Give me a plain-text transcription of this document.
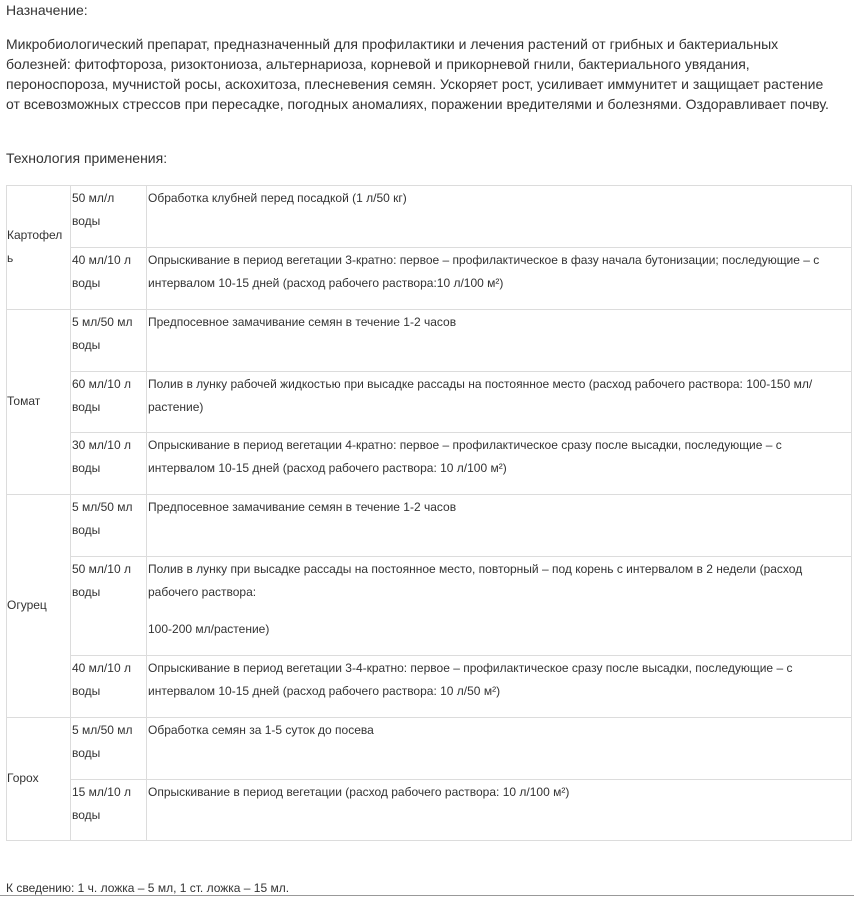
Назначение:

Микробиологический препарат, предназначенный для профилактики и лечения растений от грибных и бактериальных болезней: фитофтороза, ризоктониоза, альтернариоза, корневой и прикорневой гнили, бактериального увядания, пероноспороза, мучнистой росы, аскохитоза, плесневения семян. Ускоряет рост, усиливает иммунитет и защищает растение от всевозможных стрессов при пересадке, погодных аномалиях, поражении вредителями и болезнями. Оздоравливает почву.

Технология применения:

Картофель	50 мл/л воды	Обработка клубней перед посадкой (1 л/50 кг)
	40 мл/10 л воды	Опрыскивание в период вегетации 3-кратно: первое – профилактическое в фазу начала бутонизации; последующие – с интервалом 10-15 дней (расход рабочего раствора:10 л/100 м²)
Томат	5 мл/50 мл воды	Предпосевное замачивание семян в течение 1-2 часов
	60 мл/10 л воды	Полив в лунку рабочей жидкостью при высадке рассады на постоянное место (расход рабочего раствора: 100-150 мл/растение)
	30 мл/10 л воды	Опрыскивание в период вегетации 4-кратно: первое – профилактическое сразу после высадки, последующие – с интервалом 10-15 дней (расход рабочего раствора: 10 л/100 м²)
Огурец	5 мл/50 мл воды	Предпосевное замачивание семян в течение 1-2 часов
	50 мл/10 л воды	Полив в лунку при высадке рассады на постоянное место, повторный – под корень с интервалом в 2 недели (расход рабочего раствора:

100-200 мл/растение)

	40 мл/10 л воды	Опрыскивание в период вегетации 3-4-кратно: первое – профилактическое сразу после высадки, последующие – с интервалом 10-15 дней (расход рабочего раствора: 10 л/50 м²)
Горох	5 мл/50 мл воды	Обработка семян за 1-5 суток до посева
	15 мл/10 л воды	Опрыскивание в период вегетации (расход рабочего раствора: 10 л/100 м²)

К сведению: 1 ч. ложка – 5 мл, 1 ст. ложка – 15 мл.
